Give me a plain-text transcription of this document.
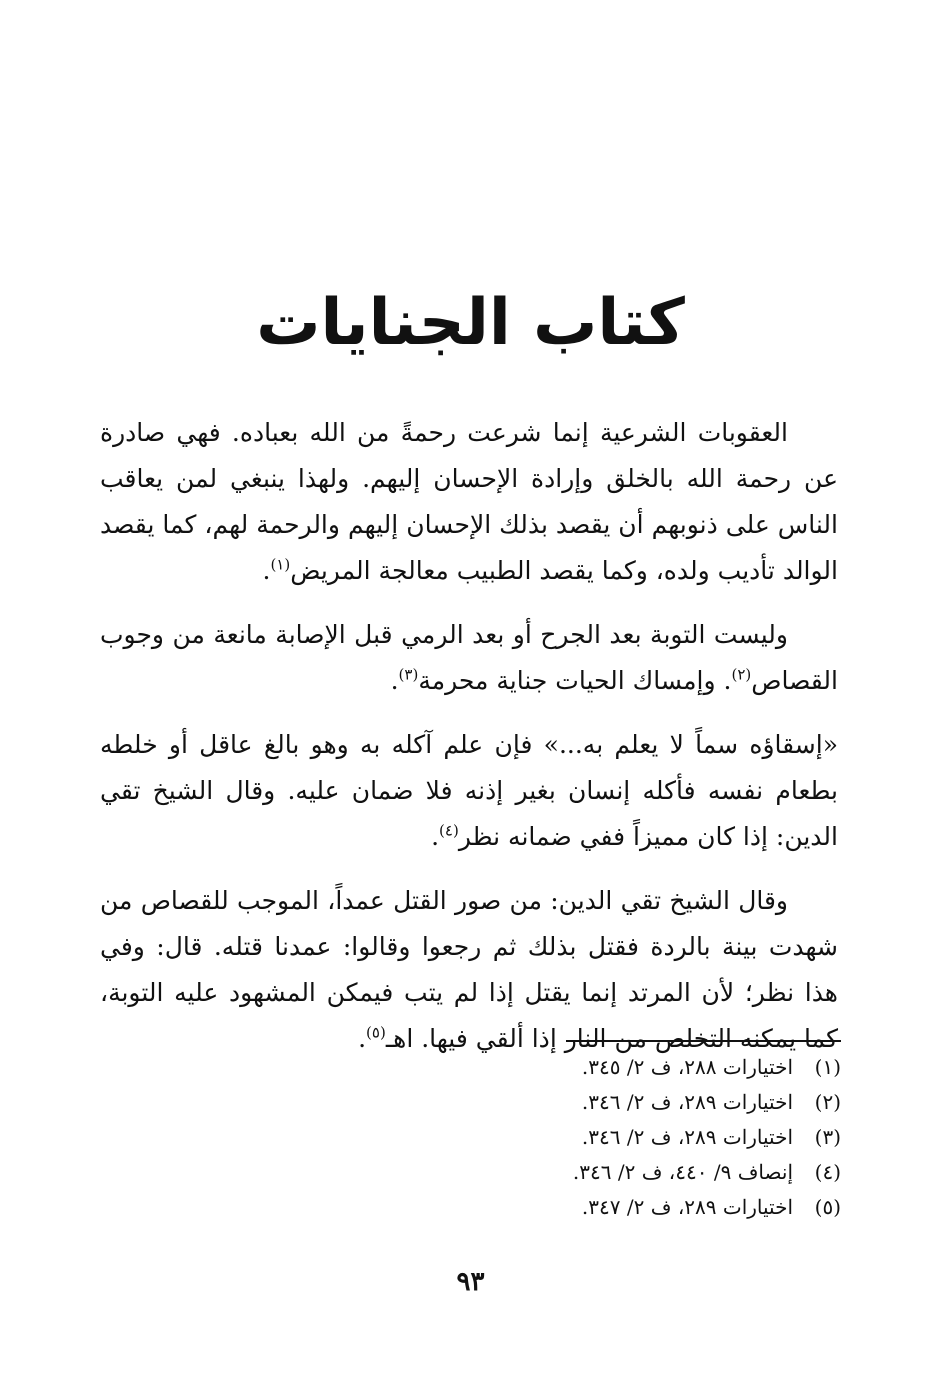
كتاب الجنايات

العقوبات الشرعية إنما شرعت رحمةً من الله بعباده. فهي صادرة عن رحمة الله بالخلق وإرادة الإحسان إليهم. ولهذا ينبغي لمن يعاقب الناس على ذنوبهم أن يقصد بذلك الإحسان إليهم والرحمة لهم، كما يقصد الوالد تأديب ولده، وكما يقصد الطبيب معالجة المريض$^{(١)}$.

وليست التوبة بعد الجرح أو بعد الرمي قبل الإصابة مانعة من وجوب القصاص$^{(٢)}$. وإمساك الحيات جناية محرمة$^{(٣)}$.

«إسقاؤه سماً لا يعلم به...» فإن علم آكله به وهو بالغ عاقل أو خلطه بطعام نفسه فأكله إنسان بغير إذنه فلا ضمان عليه. وقال الشيخ تقي الدين: إذا كان مميزاً ففي ضمانه نظر$^{(٤)}$.

وقال الشيخ تقي الدين: من صور القتل عمداً، الموجب للقصاص من شهدت بينة بالردة فقتل بذلك ثم رجعوا وقالوا: عمدنا قتله. قال: وفي هذا نظر؛ لأن المرتد إنما يقتل إذا لم يتب فيمكن المشهود عليه التوبة، كما يمكنه التخلص من النار إذا ألقي فيها. اهـ$^{(٥)}$.

(١)
اختيارات ٢٨٨، ف ٢/ ٣٤٥.
(٢)
اختيارات ٢٨٩، ف ٢/ ٣٤٦.
(٣)
اختيارات ٢٨٩، ف ٢/ ٣٤٦.
(٤)
إنصاف ٩/ ٤٤٠، ف ٢/ ٣٤٦.
(٥)
اختيارات ٢٨٩، ف ٢/ ٣٤٧.
٩٣
